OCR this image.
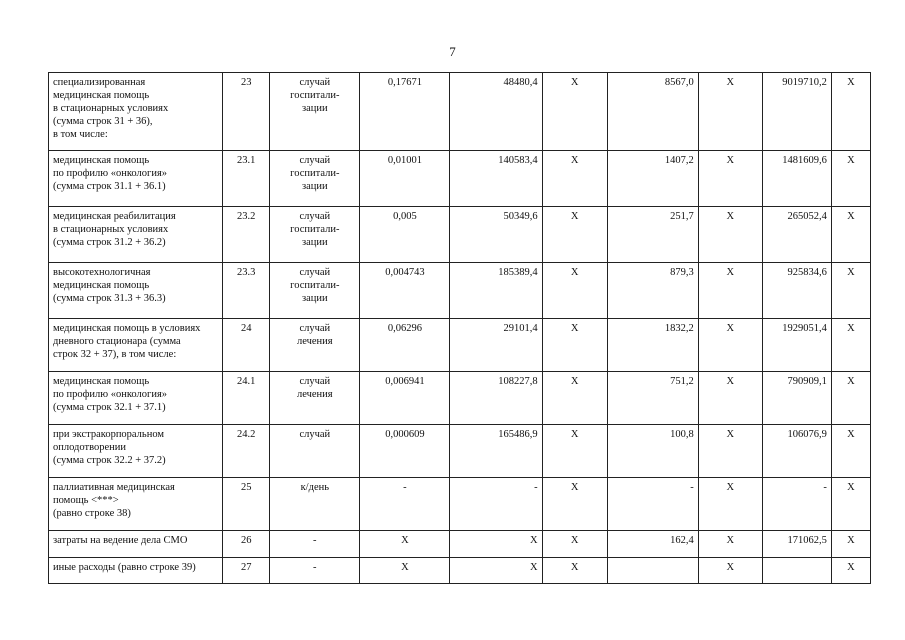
7
специализированная
медицинская помощь
в стационарных условиях
(сумма строк 31 + 36),
в том числе:	23	случай
госпитали-
зации	0,17671	48480,4	Х	8567,0	Х	9019710,2	Х
медицинская помощь
по профилю «онкология»
(сумма строк 31.1 + 36.1)	23.1	случай
госпитали-
зации	0,01001	140583,4	Х	1407,2	Х	1481609,6	Х
медицинская реабилитация
в стационарных условиях
(сумма строк 31.2 + 36.2)	23.2	случай
госпитали-
зации	0,005	50349,6	Х	251,7	Х	265052,4	Х
высокотехнологичная
медицинская помощь
(сумма строк 31.3 + 36.3)	23.3	случай
госпитали-
зации	0,004743	185389,4	Х	879,3	Х	925834,6	Х
медицинская помощь в условиях
дневного стационара (сумма
строк 32 + 37), в том числе:	24	случай
лечения	0,06296	29101,4	Х	1832,2	Х	1929051,4	Х
медицинская помощь
по профилю «онкология»
(сумма строк 32.1 + 37.1)	24.1	случай
лечения	0,006941	108227,8	Х	751,2	Х	790909,1	Х
при экстракорпоральном
оплодотворении
(сумма строк 32.2 + 37.2)	24.2	случай	0,000609	165486,9	Х	100,8	Х	106076,9	Х
паллиативная медицинская
помощь <***>
(равно строке 38)	25	к/день	-	-	Х	-	Х	-	Х
затраты на ведение дела СМО	26	-	Х	Х	Х	162,4	Х	171062,5	Х
иные расходы (равно строке 39)	27	-	Х	Х	Х		Х		Х
